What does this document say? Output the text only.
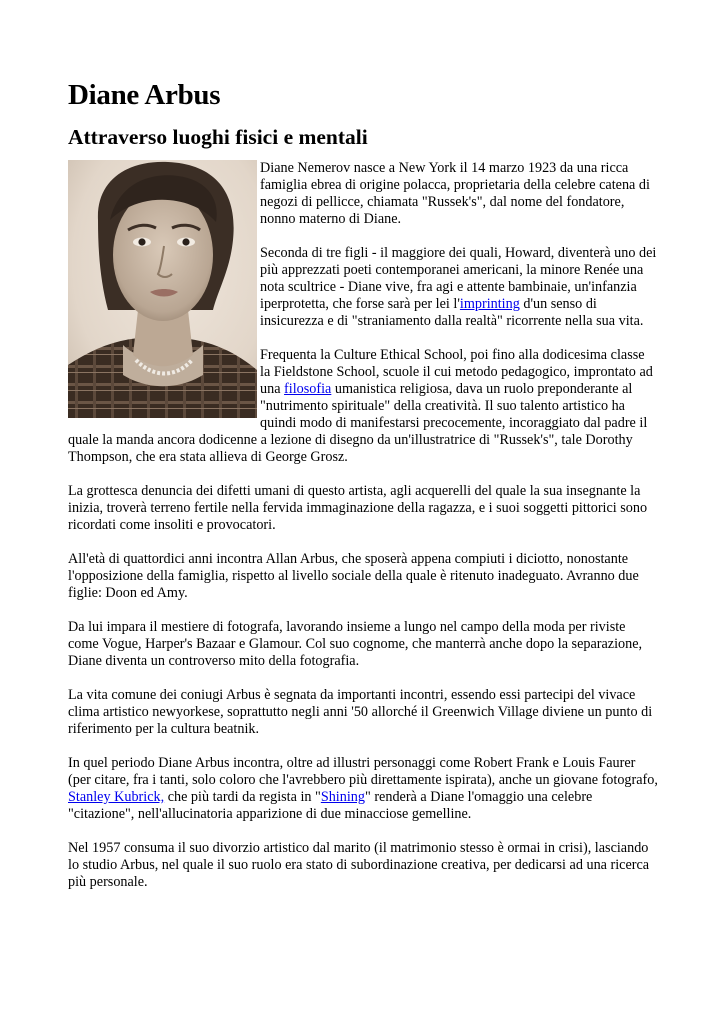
Diane Arbus
Attraverso luoghi fisici e mentali

Diane Nemerov nasce a New York il 14 marzo 1923 da una ricca famiglia ebrea di origine polacca, proprietaria della celebre catena di negozi di pellicce, chiamata "Russek's", dal nome del fondatore, nonno materno di Diane.

Seconda di tre figli - il maggiore dei quali, Howard, diventerà uno dei più apprezzati poeti contemporanei americani, la minore Renée una nota scultrice - Diane vive, fra agi e attente bambinaie, un'infanzia iperprotetta, che forse sarà per lei l'imprinting d'un senso di insicurezza e di "straniamento dalla realtà" ricorrente nella sua vita.

Frequenta la Culture Ethical School, poi fino alla dodicesima classe la Fieldstone School, scuole il cui metodo pedagogico, improntato ad una filosofia umanistica religiosa, dava un ruolo preponderante al "nutrimento spirituale" della creatività. Il suo talento artistico ha quindi modo di manifestarsi precocemente, incoraggiato dal padre il quale la manda ancora dodicenne a lezione di disegno da un'illustratrice di "Russek's", tale Dorothy Thompson, che era stata allieva di George Grosz.

La grottesca denuncia dei difetti umani di questo artista, agli acquerelli del quale la sua insegnante la inizia, troverà terreno fertile nella fervida immaginazione della ragazza, e i suoi soggetti pittorici sono ricordati come insoliti e provocatori.

All'età di quattordici anni incontra Allan Arbus, che sposerà appena compiuti i diciotto, nonostante l'opposizione della famiglia, rispetto al livello sociale della quale è ritenuto inadeguato. Avranno due figlie: Doon ed Amy.

Da lui impara il mestiere di fotografa, lavorando insieme a lungo nel campo della moda per riviste come Vogue, Harper's Bazaar e Glamour. Col suo cognome, che manterrà anche dopo la separazione, Diane diventa un controverso mito della fotografia.

La vita comune dei coniugi Arbus è segnata da importanti incontri, essendo essi partecipi del vivace clima artistico newyorkese, soprattutto negli anni '50 allorché il Greenwich Village diviene un punto di riferimento per la cultura beatnik.

In quel periodo Diane Arbus incontra, oltre ad illustri personaggi come Robert Frank e Louis Faurer (per citare, fra i tanti, solo coloro che l'avrebbero più direttamente ispirata), anche un giovane fotografo, Stanley Kubrick, che più tardi da regista in "Shining" renderà a Diane l'omaggio una celebre "citazione", nell'allucinatoria apparizione di due minacciose gemelline.

Nel 1957 consuma il suo divorzio artistico dal marito (il matrimonio stesso è ormai in crisi), lasciando lo studio Arbus, nel quale il suo ruolo era stato di subordinazione creativa, per dedicarsi ad una ricerca più personale.
